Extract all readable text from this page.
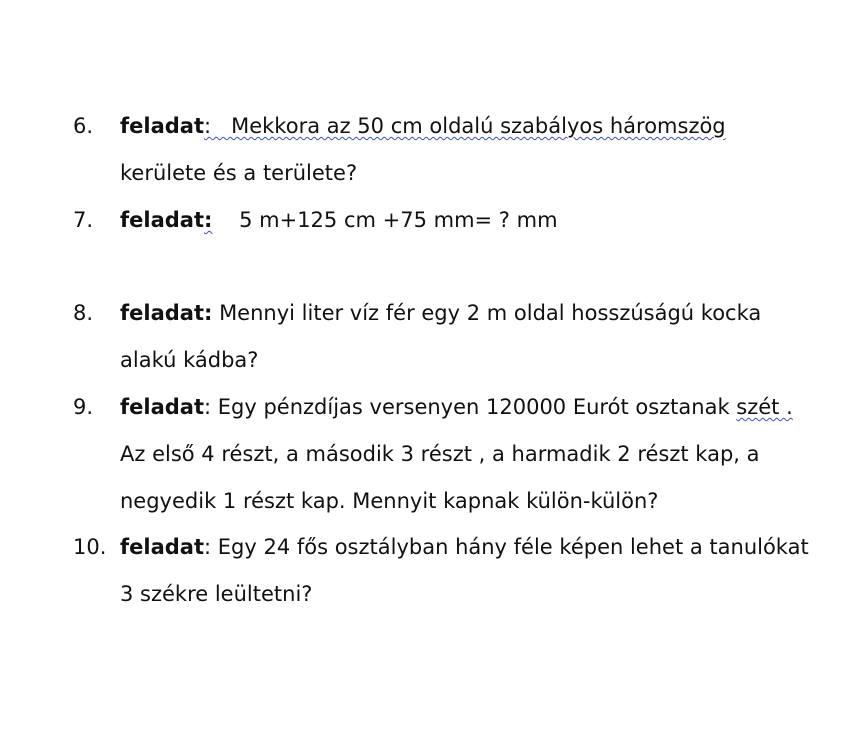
6. feladat:   Mekkora az 50 cm oldalú szabályos háromszög
kerülete és a területe?
7. feladat:    5 m+125 cm +75 mm= ? mm
8. feladat: Mennyi liter víz fér egy 2 m oldal hosszúságú kocka
alakú kádba?
9. feladat: Egy pénzdíjas versenyen 120000 Eurót osztanak szét .
Az első 4 részt, a második 3 részt , a harmadik 2 részt kap, a
negyedik 1 részt kap. Mennyit kapnak külön-külön?
10. feladat: Egy 24 fős osztályban hány féle képen lehet a tanulókat
3 székre leültetni?
